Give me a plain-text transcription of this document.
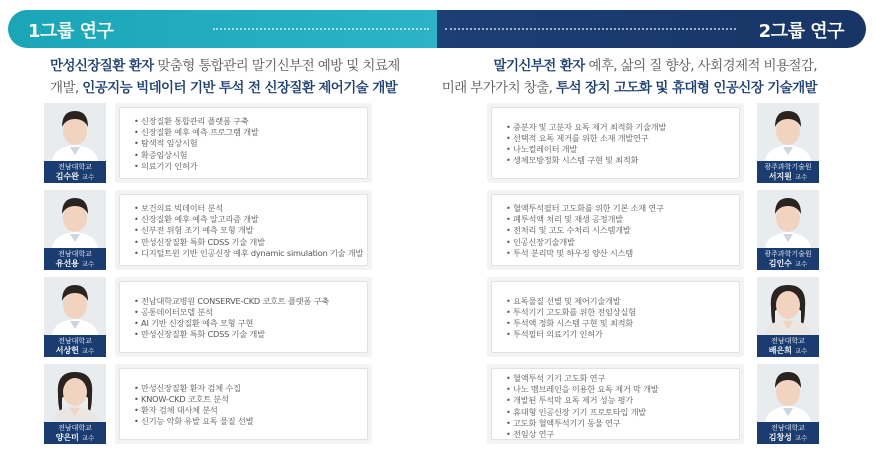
1그룹 연구	2그룹 연구
만성신장질환 환자 맞춤형 통합관리 말기신부전 예방 및 치료제
개발, 인공지능 빅데이터 기반 투석 전 신장질환 제어기술 개발
말기신부전 환자 예후, 삶의 질 향상, 사회경제적 비용절감,
미래 부가가치 창출, 투석 장치 고도화 및 휴대형 인공신장 기술개발
전남대학교
김수완 교수
• 신장질환 통합관리 플랫폼 구축
• 신장질환 예후 예측 프로그램 개발
• 탐색적 임상시험
• 확증임상시험
• 의료기기 인허가
전남대학교
유선용 교수
• 보건의료 빅데이터 분석
• 신장질환 예후 예측 알고리즘 개발
• 신부전 위험 조기 예측 모형 개발
• 만성신장질환 특화 CDSS 기술 개발
• 디지털트윈 기반 인공신장 예후 dynamic simulation 기술 개발
전남대학교
서상헌 교수
• 전남대학교병원 CONSERVE-CKD 코호트 플랫폼 구축
• 공통데이터모델 분석
• AI 기반 신장질환 예측 모형 구현
• 만성신장질환 특화 CDSS 기술 개발
전남대학교
양은미 교수
• 만성신장질환 환자 검체 수집
• KNOW-CKD 코호트 분석
• 환자 검체 대사체 분석
• 신기능 악화 유발 요독 물질 선별
광주과학기술원
서지원 교수
• 중분자 및 고분자 요독 제거 최적화 기술개발
• 선택적 요독 제거를 위한 소재 개발연구
• 나노컬레이터 개발
• 생체모방정화 시스템 구현 및 최적화
광주과학기술원
김인수 교수
• 혈액투석필터 고도화를 위한 기본 소재 연구
• 폐투석액 처리 및 재생 공정개발
• 전처리 및 고도 수처리 시스템개발
• 인공신장기술개발
• 투석 분리막 및 하우징 양산 시스템
전남대학교
배은희 교수
• 요독물질 선별 및 제어기술개발
• 투석기기 고도화를 위한 전임상실험
• 투석액 정화 시스템 구현 및 최적화
• 투석필터 의료기기 인허가
전남대학교
김창성 교수
• 혈액투석 기기 고도화 연구
• 나노 멤브레인을 이용한 요독 제거 막 개발
• 개발된 투석막 요독 제거 성능 평가
• 휴대형 인공신장 기기 프로토타입 개발
• 고도화 혈액투석기기 동물 연구
• 전임상 연구
